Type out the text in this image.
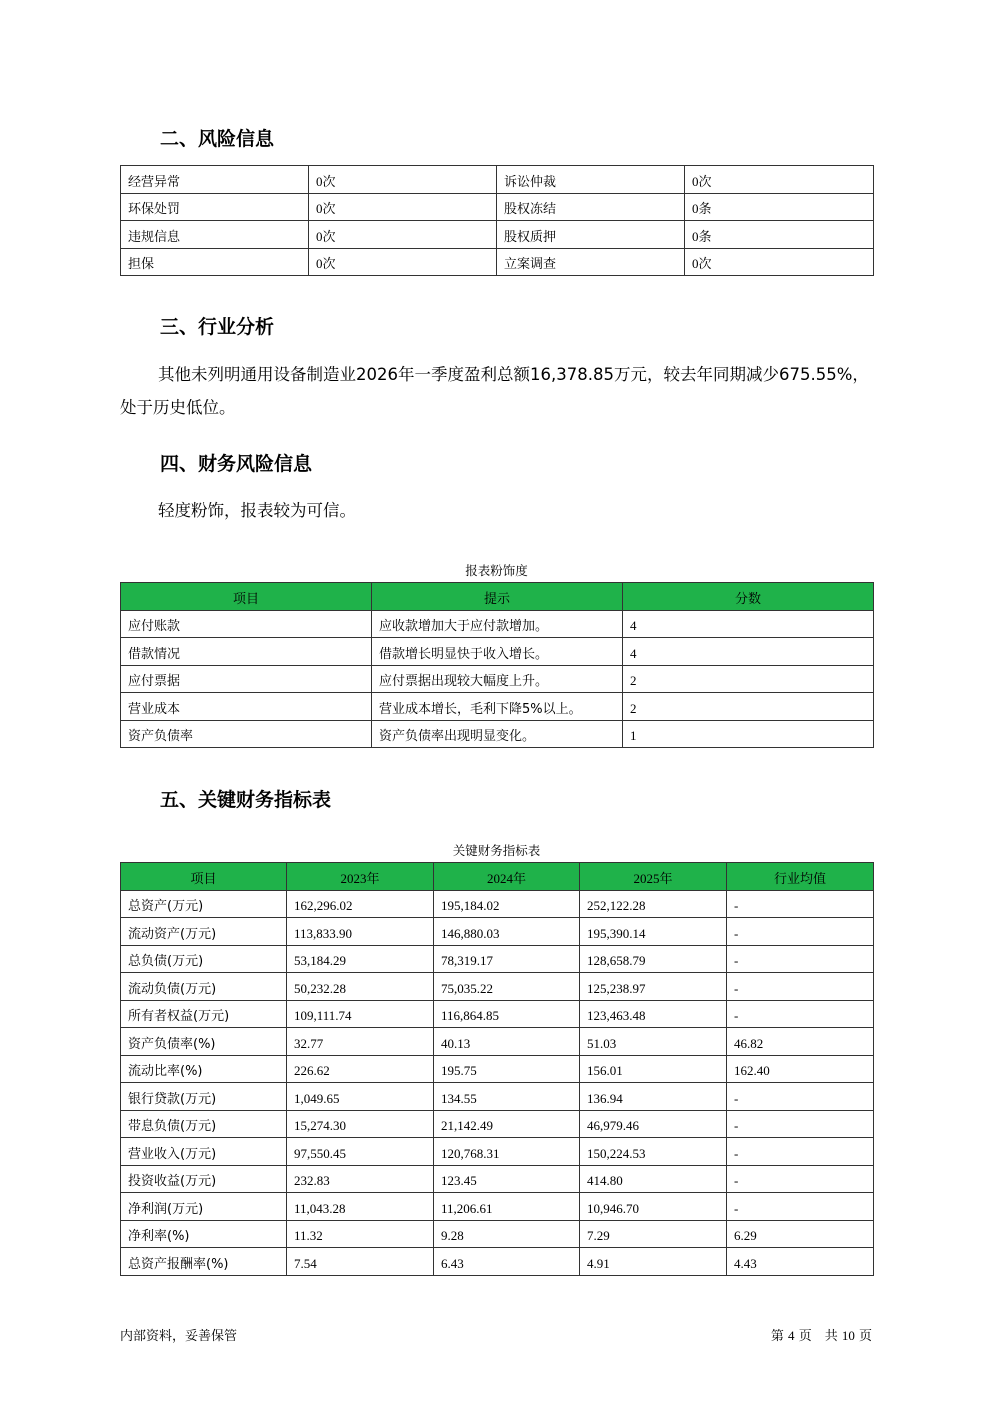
二、风险信息
经营异常	0次	诉讼仲裁	0次
环保处罚	0次	股权冻结	0条
违规信息	0次	股权质押	0条
担保	0次	立案调查	0次
三、行业分析

其他未列明通用设备制造业2026年一季度盈利总额16,378.85万元，较去年同期减少675.55%，处于历史低位。

四、财务风险信息

轻度粉饰，报表较为可信。

报表粉饰度

项目	提示	分数
应付账款	应收款增加大于应付款增加。	4
借款情况	借款增长明显快于收入增长。	4
应付票据	应付票据出现较大幅度上升。	2
营业成本	营业成本增长，毛利下降5%以上。	2
资产负债率	资产负债率出现明显变化。	1
五、关键财务指标表

关键财务指标表

项目	2023年	2024年	2025年	行业均值
总资产(万元)	162,296.02	195,184.02	252,122.28	-
流动资产(万元)	113,833.90	146,880.03	195,390.14	-
总负债(万元)	53,184.29	78,319.17	128,658.79	-
流动负债(万元)	50,232.28	75,035.22	125,238.97	-
所有者权益(万元)	109,111.74	116,864.85	123,463.48	-
资产负债率(%)	32.77	40.13	51.03	46.82
流动比率(%)	226.62	195.75	156.01	162.40
银行贷款(万元)	1,049.65	134.55	136.94	-
带息负债(万元)	15,274.30	21,142.49	46,979.46	-
营业收入(万元)	97,550.45	120,768.31	150,224.53	-
投资收益(万元)	232.83	123.45	414.80	-
净利润(万元)	11,043.28	11,206.61	10,946.70	-
净利率(%)	11.32	9.28	7.29	6.29
总资产报酬率(%)	7.54	6.43	4.91	4.43
内部资料，妥善保管	第 4 页　共 10 页
